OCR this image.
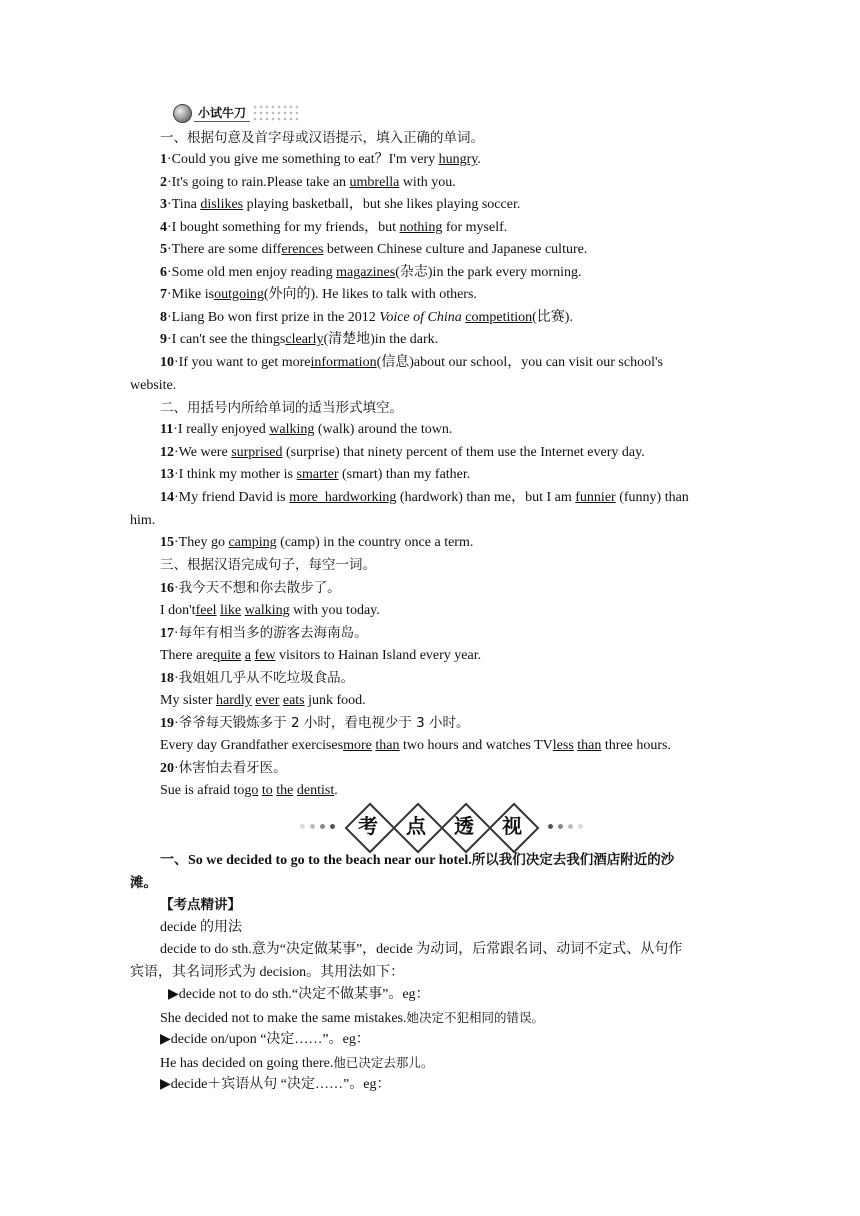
小试牛刀
一、根据句意及首字母或汉语提示，填入正确的单词。
1·Could you give me something to eat？I'm very hungry.
2·It's going to rain.Please take an umbrella with you.
3·Tina dislikes playing basketball，but she likes playing soccer.
4·I bought something for my friends，but nothing for myself.
5·There are some differences between Chinese culture and Japanese culture.
6·Some old men enjoy reading magazines(杂志)in the park every morning.
7·Mike isoutgoing(外向的). He likes to talk with others.
8·Liang Bo won first prize in the 2012 Voice of China competition(比赛).
9·I can't see the thingsclearly(清楚地)in the dark.
10·If you want to get moreinformation(信息)about our school，you can visit our school's
website.
11·I really enjoyed walking (walk) around the town.
12·We were surprised (surprise) that ninety percent of them use the Internet every day.
13·I think my mother is smarter (smart) than my father.
14·My friend David is more_hardworking (hardwork) than me，but I am funnier (funny) than
him.
15·They go camping (camp) in the country once a term.
16·我今天不想和你去散步了。
I don'tfeel like walking with you today.
17·每年有相当多的游客去海南岛。
There arequite a few visitors to Hainan Island every year.
18·我姐姐几乎从不吃垃圾食品。
My sister hardly ever eats junk food.
19·爷爷每天锻炼多于 2 小时，看电视少于 3 小时。
Every day Grandfather exercisesmore than two hours and watches TVless than three hours.
20·休害怕去看牙医。
Sue is afraid togo to the dentist.
二、用括号内所给单词的适当形式填空。
三、根据汉语完成句子，每空一词。
考	点	透	视
一、So we decided to go to the beach near our hotel.所以我们决定去我们酒店附近的沙
滩。
【考点精讲】
decide 的用法
decide to do sth.意为“决定做某事”，decide 为动词，后常跟名词、动词不定式、从句作
宾语，其名词形式为 decision。其用法如下：
▶decide not to do sth.“决定不做某事”。eg：
She decided not to make the same mistakes.她决定不犯相同的错误。
▶decide on/upon “决定……”。eg：
He has decided on going there.他已决定去那儿。
▶decide＋宾语从句 “决定……”。eg：
